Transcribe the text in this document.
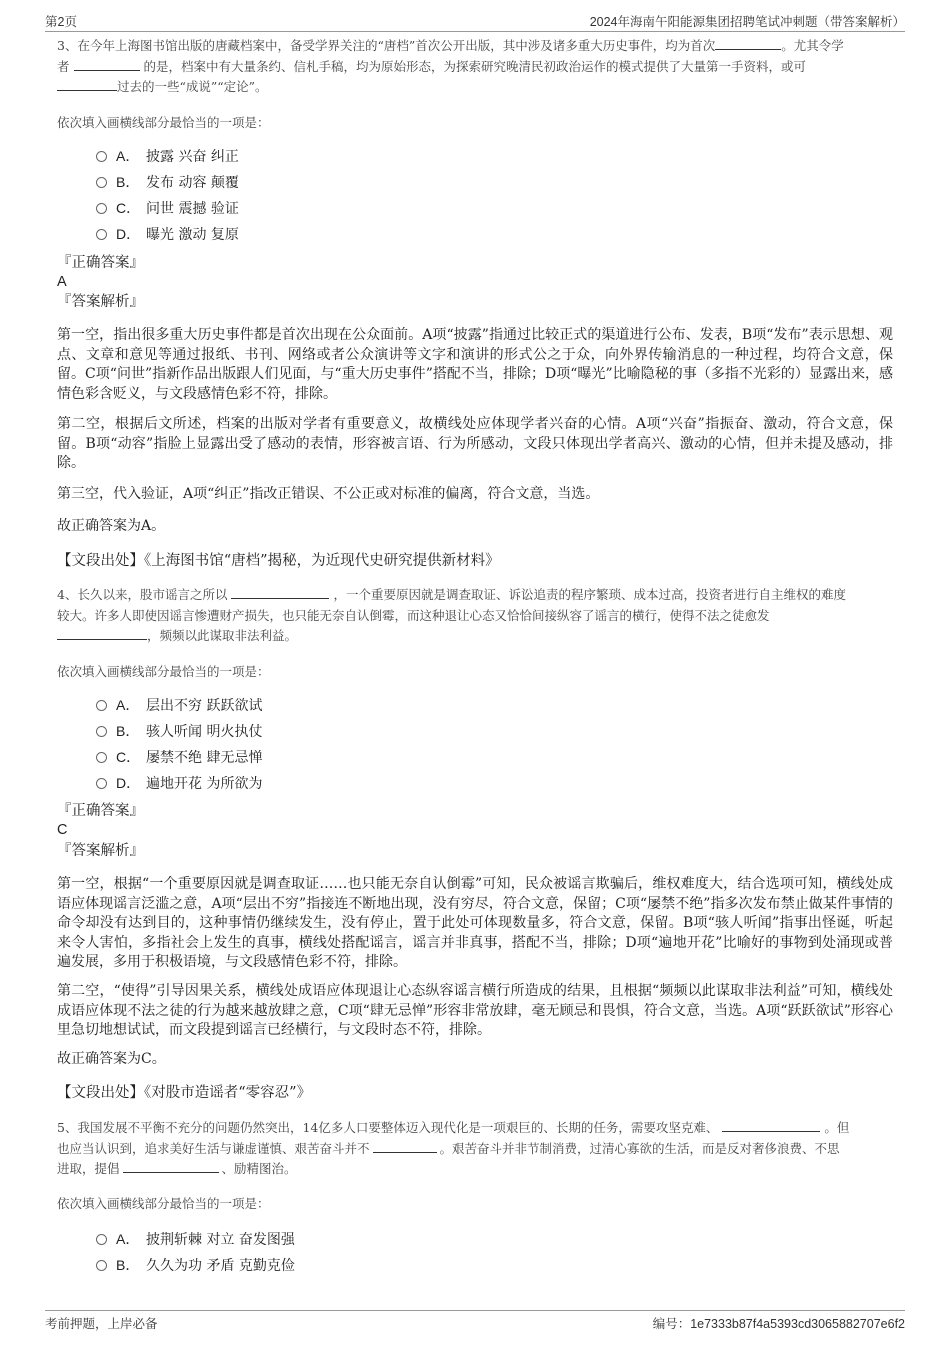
第2页	2024年海南午阳能源集团招聘笔试冲刺题（带答案解析）
3、在今年上海图书馆出版的唐藏档案中，备受学界关注的“唐档”首次公开出版，其中涉及诸多重大历史事件，均为首次	。尤其令学
者	的是，档案中有大量条约、信札手稿，均为原始形态，为探索研究晚清民初政治运作的模式提供了大量第一手资料，或可
过去的一些“成说”“定论”。
依次填入画横线部分最恰当的一项是：
A． 披露 兴奋 纠正
B． 发布 动容 颠覆
C． 问世 震撼 验证
D． 曝光 激动 复原
『正确答案』
A
『答案解析』
第一空，指出很多重大历史事件都是首次出现在公众面前。A项“披露”指通过比较正式的渠道进行公布、发表，B项“发布”表示思想、观点、文章和意见等通过报纸、书刊、网络或者公众演讲等文字和演讲的形式公之于众，向外界传输消息的一种过程，均符合文意，保留。C项“问世”指新作品出版跟人们见面，与“重大历史事件”搭配不当，排除；D项“曝光”比喻隐秘的事（多指不光彩的）显露出来，感情色彩含贬义，与文段感情色彩不符，排除。
第二空，根据后文所述，档案的出版对学者有重要意义，故横线处应体现学者兴奋的心情。A项“兴奋”指振奋、激动，符合文意，保留。B项“动容”指脸上显露出受了感动的表情，形容被言语、行为所感动，文段只体现出学者高兴、激动的心情，但并未提及感动，排除。
第三空，代入验证，A项“纠正”指改正错误、不公正或对标准的偏离，符合文意，当选。
故正确答案为A。
【文段出处】《上海图书馆“唐档”揭秘，为近现代史研究提供新材料》
4、长久以来，股市谣言之所以	，一个重要原因就是调查取证、诉讼追责的程序繁琐、成本过高，投资者进行自主维权的难度
较大。许多人即使因谣言惨遭财产损失，也只能无奈自认倒霉，而这种退让心态又恰恰间接纵容了谣言的横行，使得不法之徒愈发
，频频以此谋取非法利益。
依次填入画横线部分最恰当的一项是：
A． 层出不穷 跃跃欲试
B． 骇人听闻 明火执仗
C． 屡禁不绝 肆无忌惮
D． 遍地开花 为所欲为
『正确答案』
C
『答案解析』
第一空，根据“一个重要原因就是调查取证……也只能无奈自认倒霉”可知，民众被谣言欺骗后，维权难度大，结合选项可知，横线处成语应体现谣言泛滥之意，A项“层出不穷”指接连不断地出现，没有穷尽，符合文意，保留；C项“屡禁不绝”指多次发布禁止做某件事情的命令却没有达到目的，这种事情仍继续发生，没有停止，置于此处可体现数量多，符合文意，保留。B项“骇人听闻”指事出怪诞，听起来令人害怕，多指社会上发生的真事，横线处搭配谣言，谣言并非真事，搭配不当，排除；D项“遍地开花”比喻好的事物到处涌现或普遍发展，多用于积极语境，与文段感情色彩不符，排除。
第二空，“使得”引导因果关系，横线处成语应体现退让心态纵容谣言横行所造成的结果，且根据“频频以此谋取非法利益”可知，横线处成语应体现不法之徒的行为越来越放肆之意，C项“肆无忌惮”形容非常放肆，毫无顾忌和畏惧，符合文意，当选。A项“跃跃欲试”形容心里急切地想试试，而文段提到谣言已经横行，与文段时态不符，排除。
故正确答案为C。
【文段出处】《对股市造谣者“零容忍”》
5、我国发展不平衡不充分的问题仍然突出，14亿多人口要整体迈入现代化是一项艰巨的、长期的任务，需要攻坚克难、	。但
也应当认识到，追求美好生活与谦虚谨慎、艰苦奋斗并不	。艰苦奋斗并非节制消费，过清心寡欲的生活，而是反对奢侈浪费、不思
进取，提倡	、励精图治。
依次填入画横线部分最恰当的一项是：
A． 披荆斩棘 对立 奋发图强
B． 久久为功 矛盾 克勤克俭
考前押题，上岸必备	编号：1e7333b87f4a5393cd3065882707e6f2
